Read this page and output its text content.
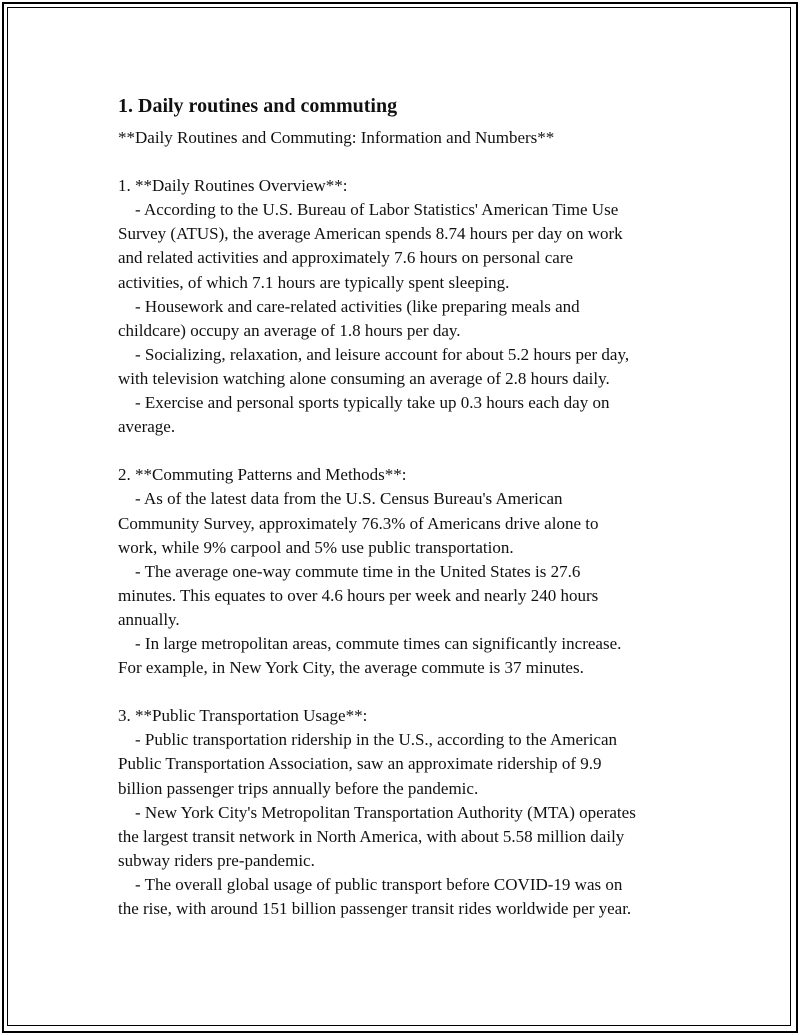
1. Daily routines and commuting
**Daily Routines and Commuting: Information and Numbers**
1. **Daily Routines Overview**:
- According to the U.S. Bureau of Labor Statistics' American Time Use
Survey (ATUS), the average American spends 8.74 hours per day on work
and related activities and approximately 7.6 hours on personal care
activities, of which 7.1 hours are typically spent sleeping.
- Housework and care-related activities (like preparing meals and
childcare) occupy an average of 1.8 hours per day.
- Socializing, relaxation, and leisure account for about 5.2 hours per day,
with television watching alone consuming an average of 2.8 hours daily.
- Exercise and personal sports typically take up 0.3 hours each day on
average.
2. **Commuting Patterns and Methods**:
- As of the latest data from the U.S. Census Bureau's American
Community Survey, approximately 76.3% of Americans drive alone to
work, while 9% carpool and 5% use public transportation.
- The average one-way commute time in the United States is 27.6
minutes. This equates to over 4.6 hours per week and nearly 240 hours
annually.
- In large metropolitan areas, commute times can significantly increase.
For example, in New York City, the average commute is 37 minutes.
3. **Public Transportation Usage**:
- Public transportation ridership in the U.S., according to the American
Public Transportation Association, saw an approximate ridership of 9.9
billion passenger trips annually before the pandemic.
- New York City's Metropolitan Transportation Authority (MTA) operates
the largest transit network in North America, with about 5.58 million daily
subway riders pre-pandemic.
- The overall global usage of public transport before COVID-19 was on
the rise, with around 151 billion passenger transit rides worldwide per year.
